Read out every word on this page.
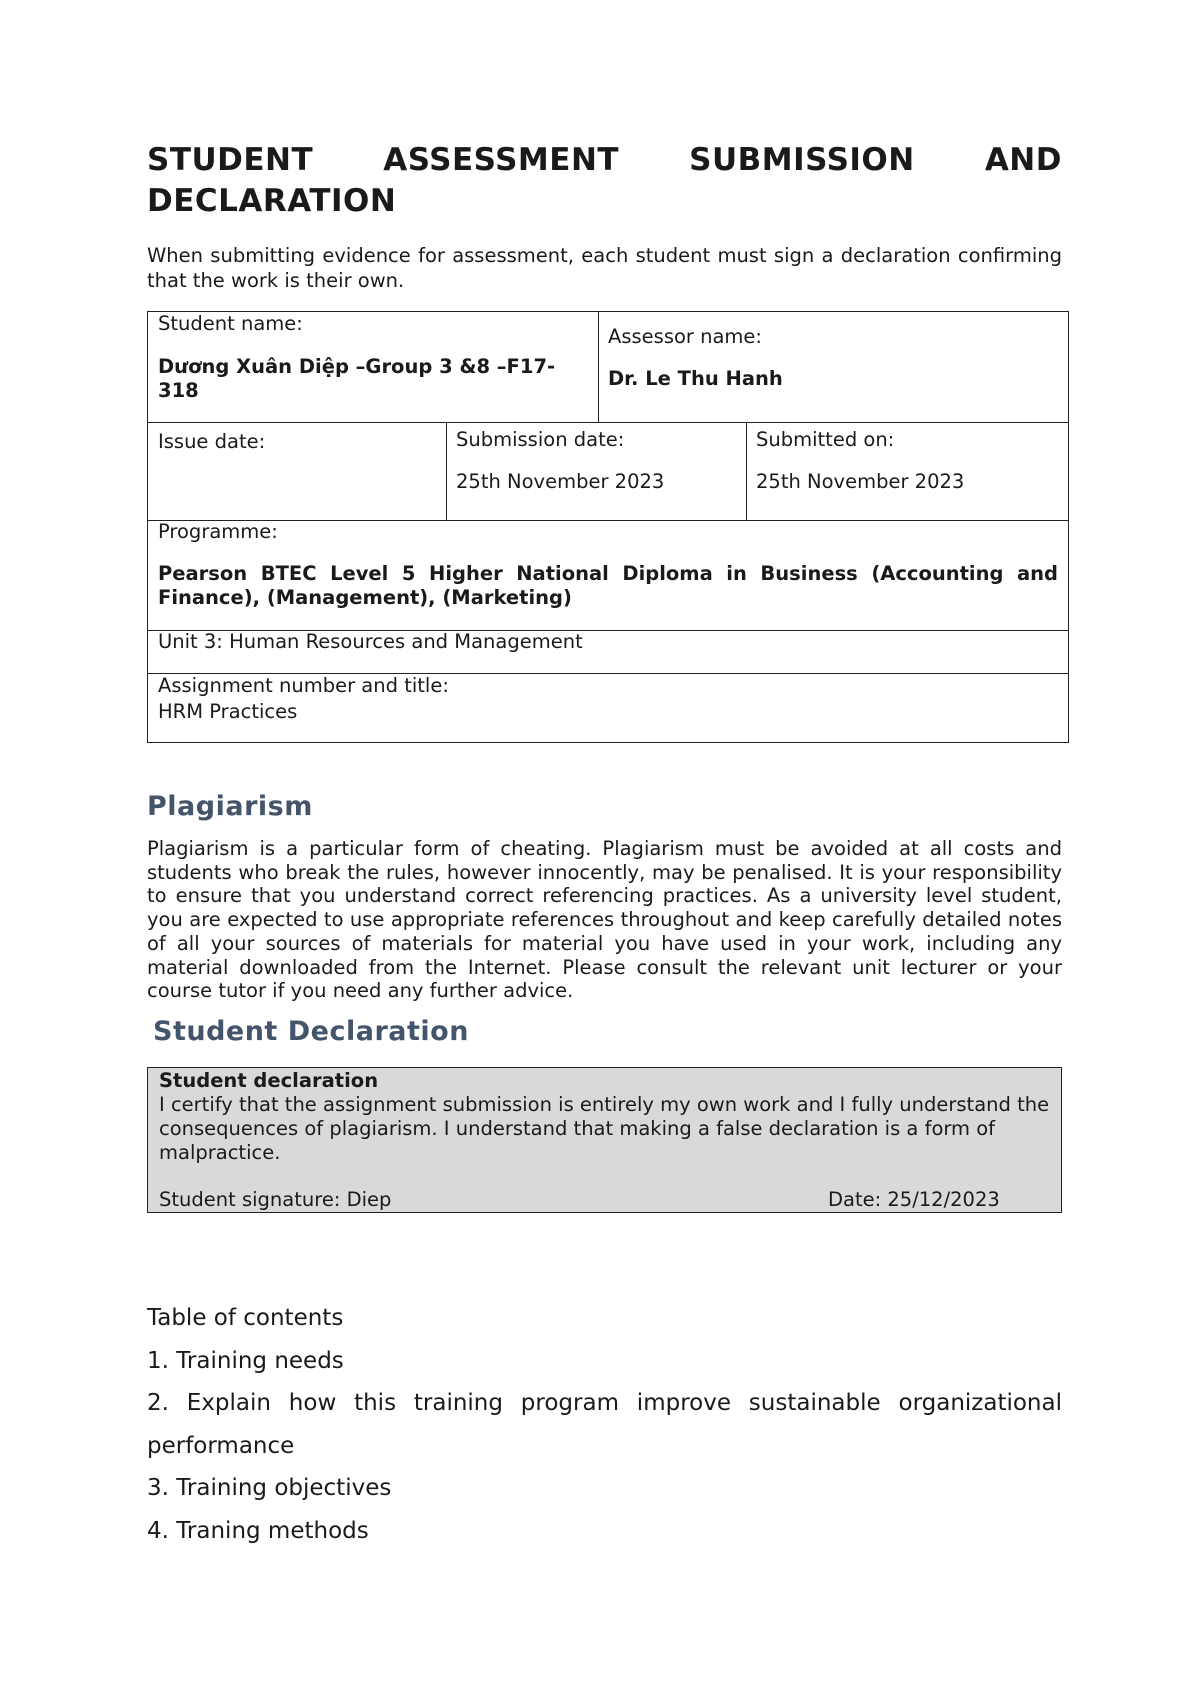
STUDENT ASSESSMENT SUBMISSION AND
DECLARATION
When submitting evidence for assessment, each student must sign a declaration confirming that the work is their own.
Student name:
Dương Xuân Diệp –Group 3 &8 –F17-318
Assessor name:
Dr. Le Thu Hanh
Issue date:	Submission date:
25th November 2023
Submitted on:
25th November 2023
Programme:
Pearson BTEC Level 5 Higher National Diploma in Business (Accounting and Finance), (Management), (Marketing)
Unit 3: Human Resources and Management
Assignment number and title:
HRM Practices
Plagiarism
Plagiarism is a particular form of cheating. Plagiarism must be avoided at all costs and students who break the rules, however innocently, may be penalised. It is your responsibility to ensure that you understand correct referencing practices. As a university level student, you are expected to use appropriate references throughout and keep carefully detailed notes of all your sources of materials for material you have used in your work, including any material downloaded from the Internet. Please consult the relevant unit lecturer or your course tutor if you need any further advice.
Student Declaration
Student declaration
I certify that the assignment submission is entirely my own work and I fully understand the consequences of plagiarism. I understand that making a false declaration is a form of malpractice.
Student signature: Diep	Date: 25/12/2023
Table of contents
1. Training needs
2. Explain how this training program improve sustainable organizational performance
3. Training objectives
4. Traning methods
